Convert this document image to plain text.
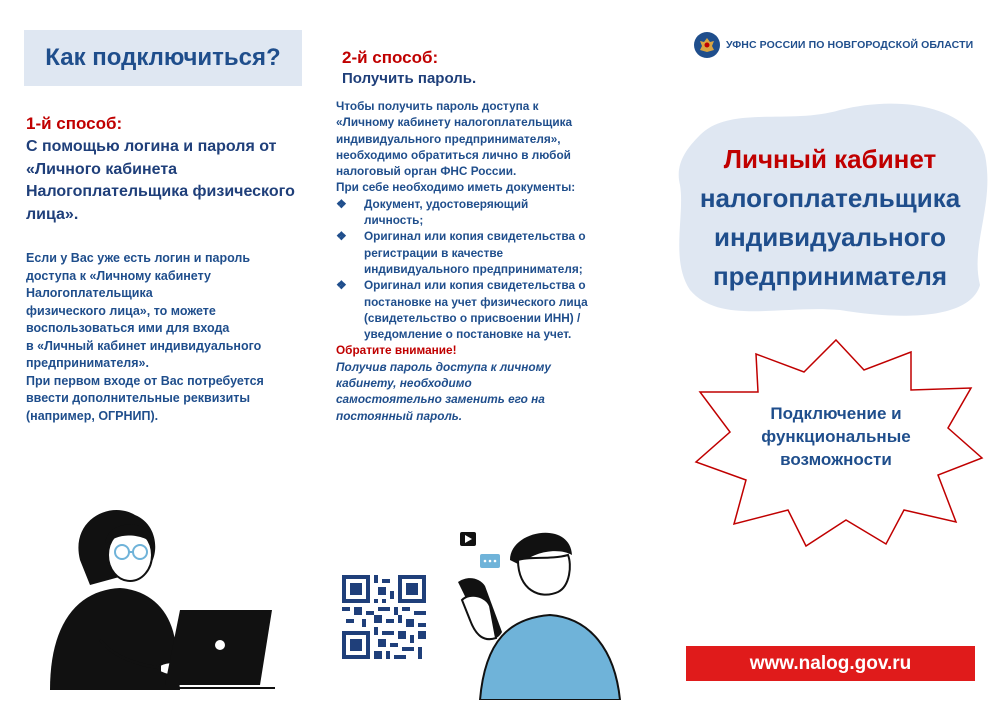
Как подключиться?
1-й способ:
С помощью логина и пароля от «Личного кабинета Налогоплательщика физического лица».

Если у Вас уже есть логин и пароль

доступа к «Личному кабинету

Налогоплательщика

физического лица», то можете

воспользоваться ими для входа

в «Личный кабинет индивидуального

предпринимателя».

При первом входе от Вас потребуется

ввести дополнительные реквизиты

(например, ОГРНИП).

2-й способ:
Получить пароль.
Чтобы получить пароль доступа к
«Личному кабинету налогоплательщика
индивидуального предпринимателя»,
необходимо обратиться лично в любой
налоговый орган ФНС России.
При себе необходимо иметь документы:
❖ Документ, удостоверяющий
личность;
❖ Оригинал или копия свидетельства о
регистрации в качестве
индивидуального предпринимателя;
❖ Оригинал или копия свидетельства о
постановке на учет физического лица
(свидетельство о присвоении ИНН) /
уведомление о постановке на учет.
Обратите внимание!
Получив пароль доступа к личному
кабинету, необходимо
самостоятельно заменить его на
постоянный пароль.
УФНС РОССИИ ПО НОВГОРОДСКОЙ ОБЛАСТИ
Личный кабинет
налогоплательщика
индивидуального
предпринимателя
Подключение и
функциональные
возможности
www.nalog.gov.ru
